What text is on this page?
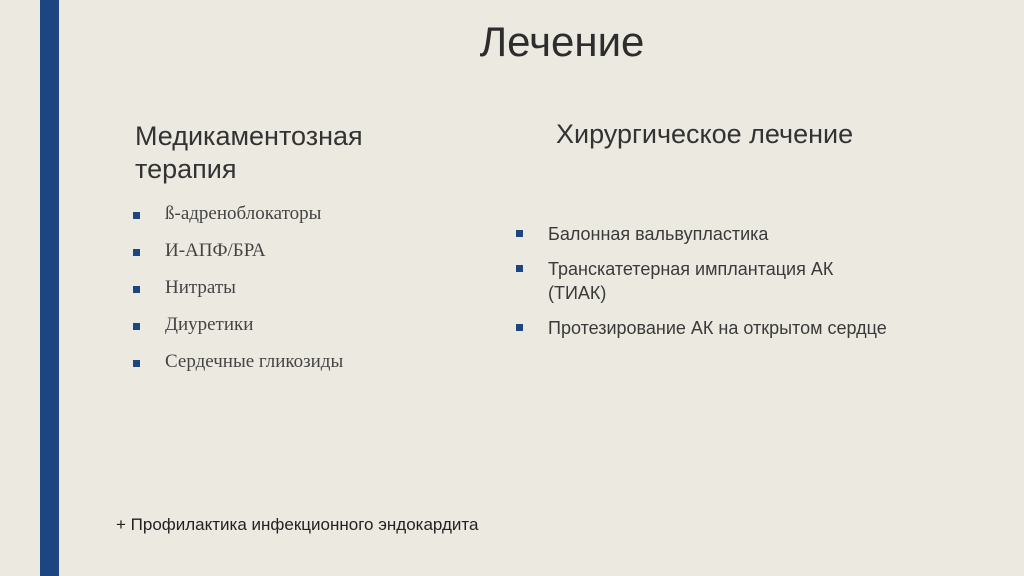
Лечение
Медикаментозная терапия
ß-адреноблокаторы
И-АПФ/БРА
Нитраты
Диуретики
Сердечные гликозиды
Хирургическое лечение
Балонная вальвупластика
Транскатетерная имплантация АК (ТИАК)
Протезирование АК на открытом сердце
+ Профилактика инфекционного эндокардита
